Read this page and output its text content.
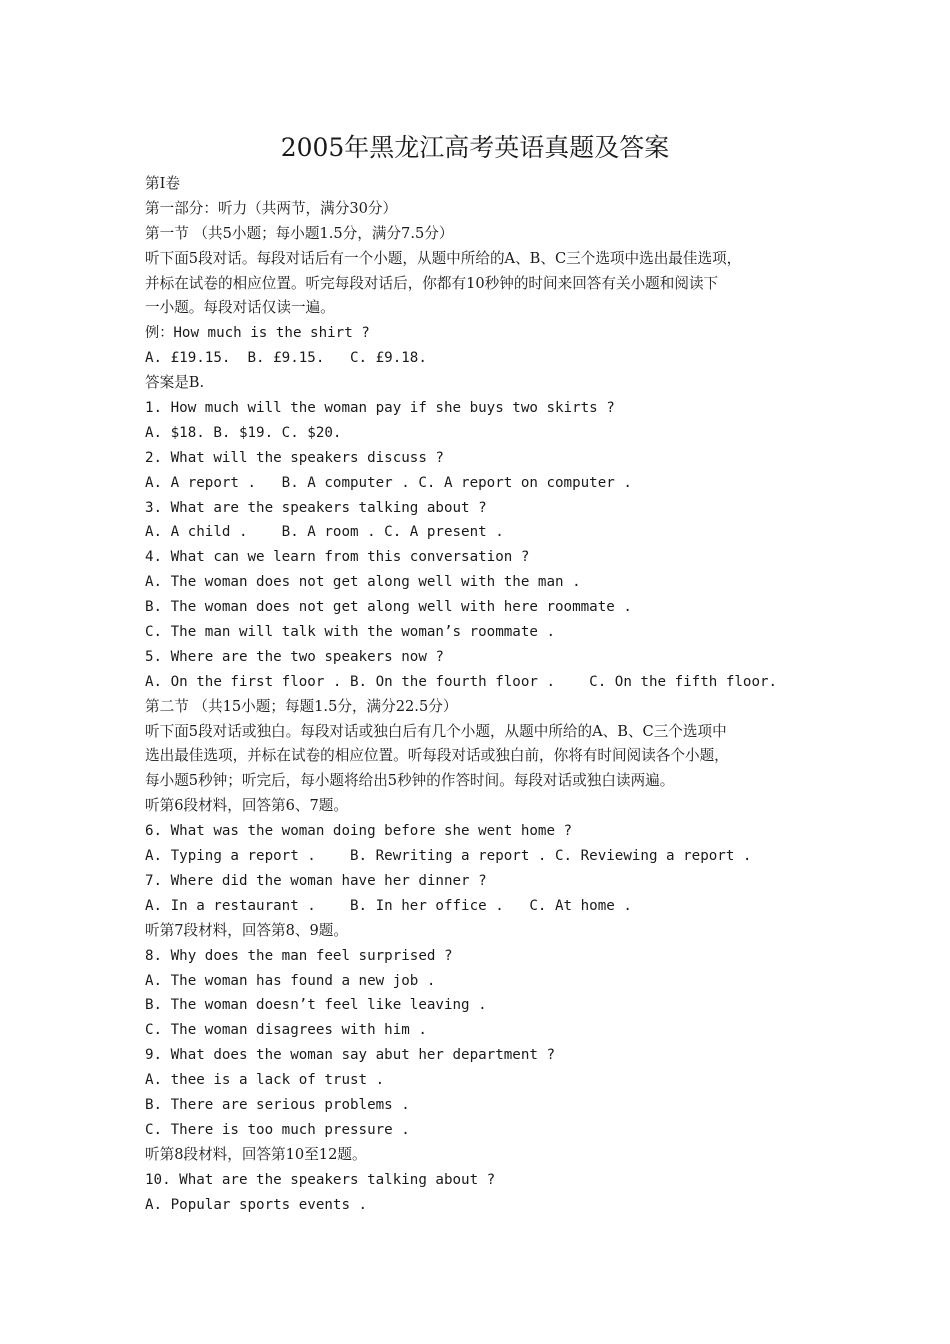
2005年黑龙江高考英语真题及答案
第I卷
第一部分：听力（共两节，满分30分）
第一节 （共5小题；每小题1.5分，满分7.5分）
听下面5段对话。每段对话后有一个小题，从题中所给的A、B、C三个选项中选出最佳选项，
并标在试卷的相应位置。听完每段对话后，你都有10秒钟的时间来回答有关小题和阅读下
一小题。每段对话仅读一遍。
例：How much is the shirt ?
A. £19.15.  B. £9.15.   C. £9.18.
答案是B.
1. How much will the woman pay if she buys two skirts ?
A. $18. B. $19. C. $20.
2. What will the speakers discuss ?
A. A report .   B. A computer . C. A report on computer .
3. What are the speakers talking about ?
A. A child .    B. A room . C. A present .
4. What can we learn from this conversation ?
A. The woman does not get along well with the man .
B. The woman does not get along well with here roommate .
C. The man will talk with the woman’s roommate .
5. Where are the two speakers now ?
A. On the first floor . B. On the fourth floor .    C. On the fifth floor.
第二节 （共15小题；每题1.5分，满分22.5分）
听下面5段对话或独白。每段对话或独白后有几个小题，从题中所给的A、B、C三个选项中
选出最佳选项，并标在试卷的相应位置。听每段对话或独白前，你将有时间阅读各个小题，
每小题5秒钟；听完后，每小题将给出5秒钟的作答时间。每段对话或独白读两遍。
听第6段材料，回答第6、7题。
6. What was the woman doing before she went home ?
A. Typing a report .    B. Rewriting a report . C. Reviewing a report .
7. Where did the woman have her dinner ?
A. In a restaurant .    B. In her office .   C. At home .
听第7段材料，回答第8、9题。
8. Why does the man feel surprised ?
A. The woman has found a new job .
B. The woman doesn’t feel like leaving .
C. The woman disagrees with him .
9. What does the woman say abut her department ?
A. thee is a lack of trust .
B. There are serious problems .
C. There is too much pressure .
听第8段材料，回答第10至12题。
10. What are the speakers talking about ?
A. Popular sports events .
